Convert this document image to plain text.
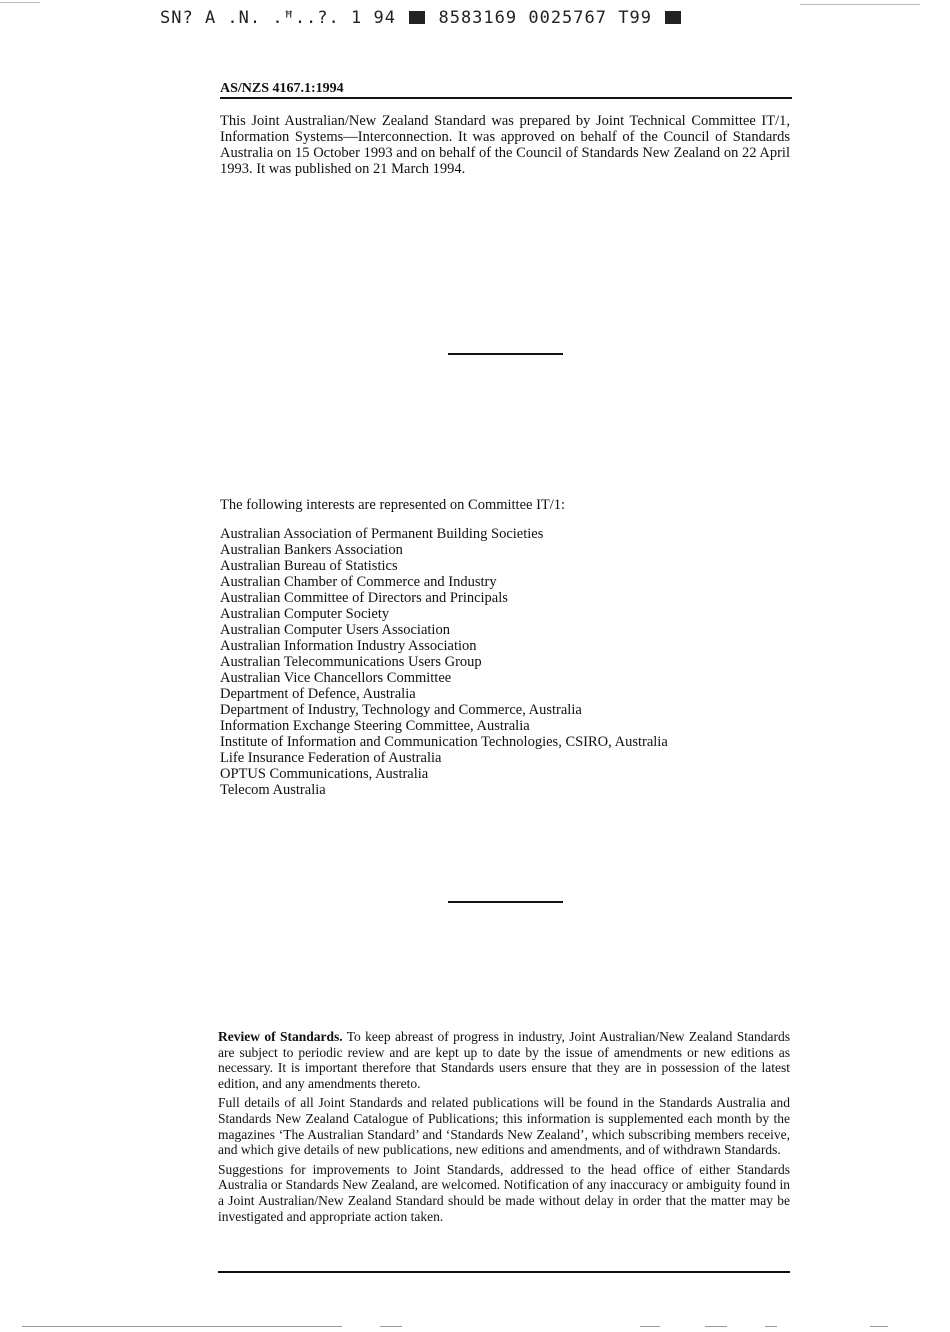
SN? A .N. .ꟸ..?. 1 94	8583169 0025767 T99
AS/NZS 4167.1:1994
This Joint Australian/New Zealand Standard was prepared by Joint Technical Committee IT/1, Information Systems—Interconnection. It was approved on behalf of the Council of Standards Australia on 15 October 1993 and on behalf of the Council of Standards New Zealand on 22 April 1993. It was published on 21 March 1994.
The following interests are represented on Committee IT/1:
Australian Association of Permanent Building Societies
Australian Bankers Association
Australian Bureau of Statistics
Australian Chamber of Commerce and Industry
Australian Committee of Directors and Principals
Australian Computer Society
Australian Computer Users Association
Australian Information Industry Association
Australian Telecommunications Users Group
Australian Vice Chancellors Committee
Department of Defence, Australia
Department of Industry, Technology and Commerce, Australia
Information Exchange Steering Committee, Australia
Institute of Information and Communication Technologies, CSIRO, Australia
Life Insurance Federation of Australia
OPTUS Communications, Australia
Telecom Australia

Review of Standards. To keep abreast of progress in industry, Joint Australian/New Zealand Standards are subject to periodic review and are kept up to date by the issue of amendments or new editions as necessary. It is important therefore that Standards users ensure that they are in possession of the latest edition, and any amendments thereto.

Full details of all Joint Standards and related publications will be found in the Standards Australia and Standards New Zealand Catalogue of Publications; this information is supplemented each month by the magazines ‘The Australian Standard’ and ‘Standards New Zealand’, which subscribing members receive, and which give details of new publications, new editions and amendments, and of withdrawn Standards.

Suggestions for improvements to Joint Standards, addressed to the head office of either Standards Australia or Standards New Zealand, are welcomed. Notification of any inaccuracy or ambiguity found in a Joint Australian/New Zealand Standard should be made without delay in order that the matter may be investigated and appropriate action taken.
